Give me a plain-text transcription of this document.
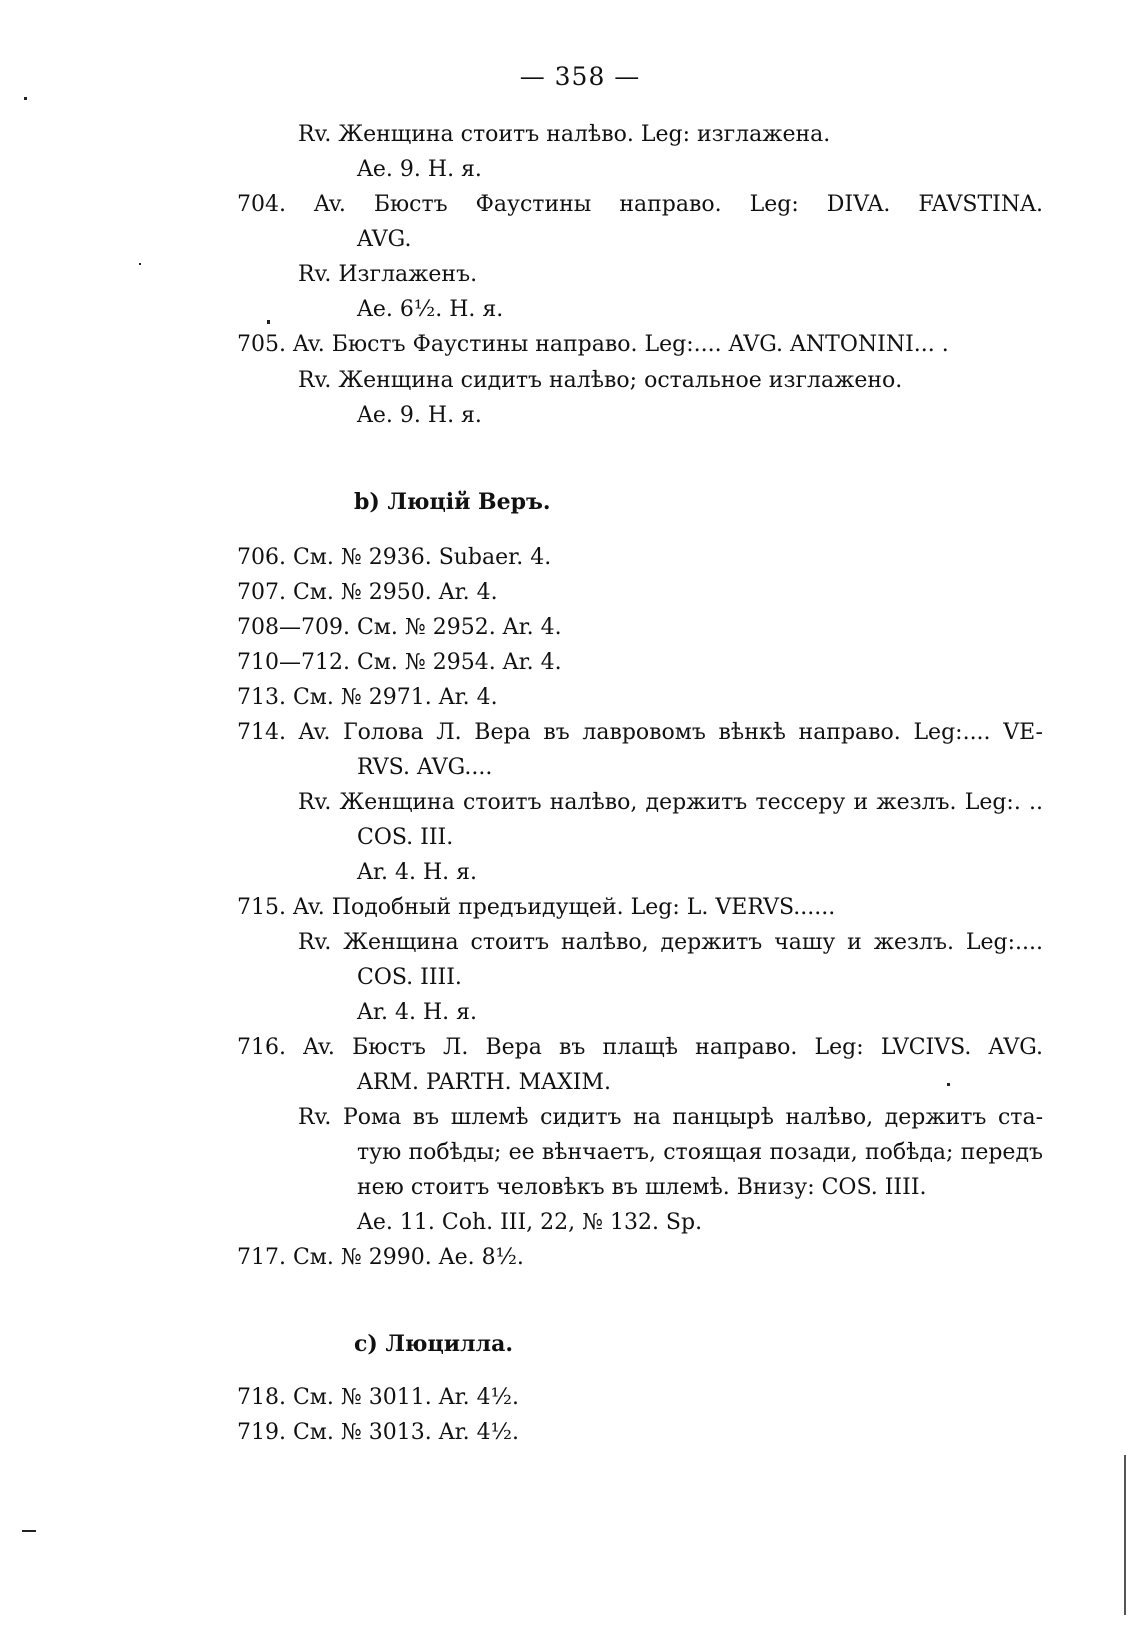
— 358 —
Rv. Женщина стоитъ налѣво. Leg: изглажена.
Ae. 9. Н. я.
704. Av. Бюстъ Фаустины направо. Leg: DIVA. FAVSTINA.
AVG.
Rv. Изглаженъ.
Ae. 6½. Н. я.
705. Av. Бюстъ Фаустины направо. Leg:.... AVG. ANTONINI... .
Rv. Женщина сидитъ налѣво; остальное изглажено.
Ae. 9. Н. я.
b) Люцiй Веръ.
706. См. № 2936. Subaer. 4.
707. См. № 2950. Ar. 4.
708—709. См. № 2952. Ar. 4.
710—712. См. № 2954. Ar. 4.
713. См. № 2971. Ar. 4.
714. Av. Голова Л. Вера въ лавровомъ вѣнкѣ направо. Leg:.... VE-
RVS. AVG....
Rv. Женщина стоитъ налѣво, держитъ тессеру и жезлъ. Leg:. ..
COS. III.
Ar. 4. Н. я.
715. Av. Подобный предъидущей. Leg: L. VERVS......
Rv. Женщина стоитъ налѣво, держитъ чашу и жезлъ. Leg:....
COS. IIII.
Ar. 4. Н. я.
716. Av. Бюстъ Л. Вера въ плащѣ направо. Leg: LVCIVS. AVG.
ARM. PARTH. MAXIM.
Rv. Рома въ шлемѣ сидитъ на панцырѣ налѣво, держитъ ста-
тую побѣды; ее вѣнчаетъ, стоящая позади, побѣда; передъ
нею стоитъ человѣкъ въ шлемѣ. Внизу: COS. IIII.
Ae. 11. Coh. III, 22, № 132. Sp.
717. См. № 2990. Ae. 8½.
c) Люцилла.
718. См. № 3011. Ar. 4½.
719. См. № 3013. Ar. 4½.
